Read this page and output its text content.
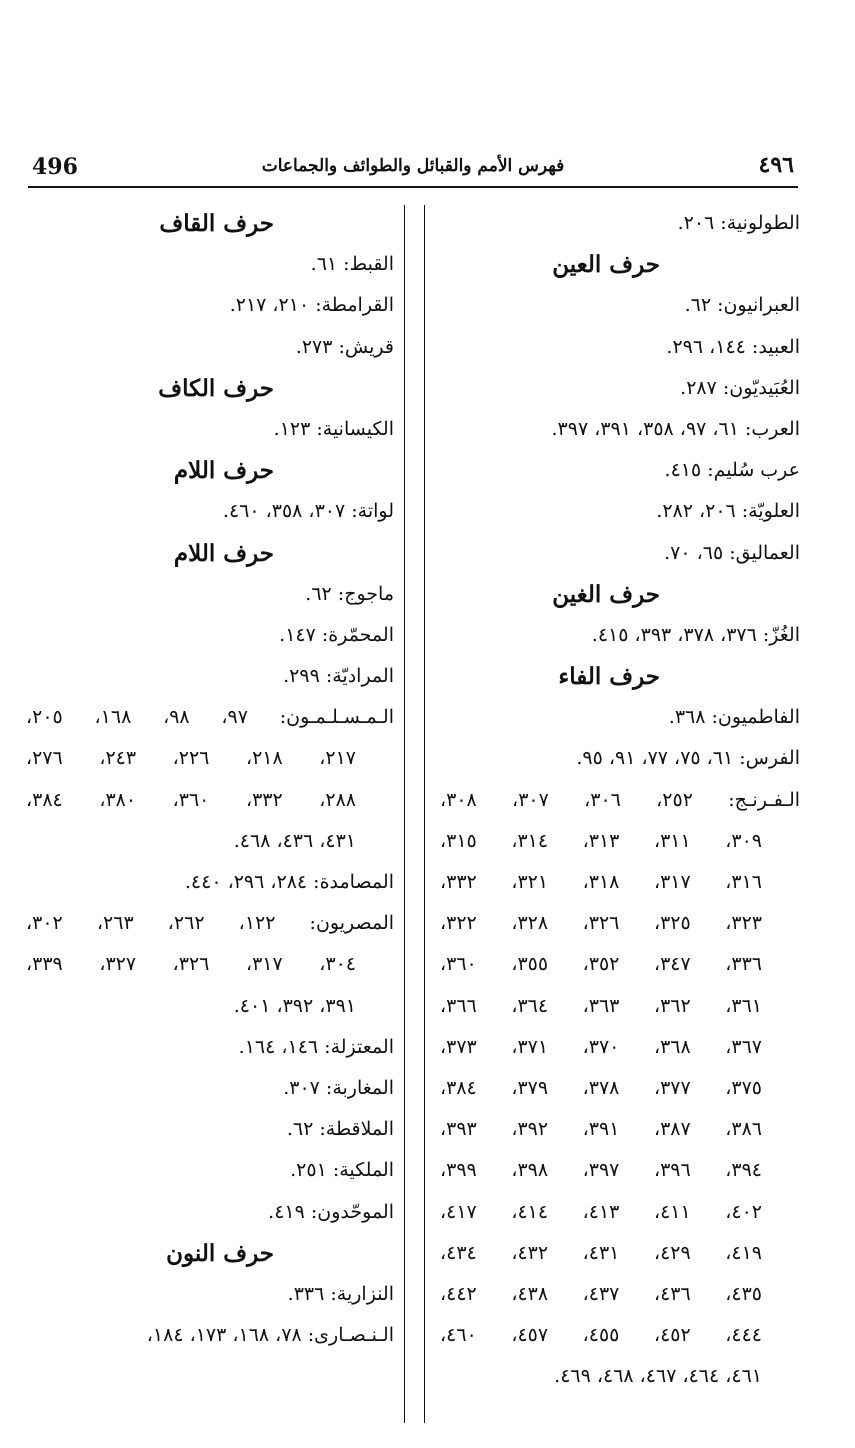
496	فهرس الأمم والقبائل والطوائف والجماعات	٤٩٦
الطولونية: ٢٠٦.
حرف العين
العبرانيون: ٦٢.
العبيد: ١٤٤، ٢٩٦.
العُبَيديّون: ٢٨٧.
العرب: ٦١، ٩٧، ٣٥٨، ٣٩١، ٣٩٧.
عرب سُليم: ٤١٥.
العلويّة: ٢٠٦، ٢٨٢.
العماليق: ٦٥، ٧٠.
حرف الغين
الغُزّ: ٣٧٦، ٣٧٨، ٣٩٣، ٤١٥.
حرف الفاء
الفاطميون: ٣٦٨.
الفرس: ٦١، ٧٥، ٧٧، ٩١، ٩٥.
الـفـرنـج: ٢٥٢، ٣٠٦، ٣٠٧، ٣٠٨،
٣٠٩، ٣١١، ٣١٣، ٣١٤، ٣١٥،
٣١٦، ٣١٧، ٣١٨، ٣٢١، ٣٣٢،
٣٢٣، ٣٢٥، ٣٢٦، ٣٢٨، ٣٢٢،
٣٣٦، ٣٤٧، ٣٥٢، ٣٥٥، ٣٦٠،
٣٦١، ٣٦٢، ٣٦٣، ٣٦٤، ٣٦٦،
٣٦٧، ٣٦٨، ٣٧٠، ٣٧١، ٣٧٣،
٣٧٥، ٣٧٧، ٣٧٨، ٣٧٩، ٣٨٤،
٣٨٦، ٣٨٧، ٣٩١، ٣٩٢، ٣٩٣،
٣٩٤، ٣٩٦، ٣٩٧، ٣٩٨، ٣٩٩،
٤٠٢، ٤١١، ٤١٣، ٤١٤، ٤١٧،
٤١٩، ٤٢٩، ٤٣١، ٤٣٢، ٤٣٤،
٤٣٥، ٤٣٦، ٤٣٧، ٤٣٨، ٤٤٢،
٤٤٤، ٤٥٢، ٤٥٥، ٤٥٧، ٤٦٠،
٤٦١، ٤٦٤، ٤٦٧، ٤٦٨، ٤٦٩.
حرف القاف
القبط: ٦١.
القرامطة: ٢١٠، ٢١٧.
قريش: ٢٧٣.
حرف الكاف
الكيسانية: ١٢٣.
حرف اللام
لواتة: ٣٠٧، ٣٥٨، ٤٦٠.
حرف اللام
ماجوج: ٦٢.
المحمّرة: ١٤٧.
المراديّة: ٢٩٩.
الـمـسـلـمـون: ٩٧، ٩٨، ١٦٨، ٢٠٥،
٢١٧، ٢١٨، ٢٢٦، ٢٤٣، ٢٧٦،
٢٨٨، ٣٣٢، ٣٦٠، ٣٨٠، ٣٨٤،
٤٣١، ٤٣٦، ٤٦٨.
المصامدة: ٢٨٤، ٢٩٦، ٤٤٠.
المصريون: ١٢٢، ٢٦٢، ٢٦٣، ٣٠٢،
٣٠٤، ٣١٧، ٣٢٦، ٣٢٧، ٣٣٩،
٣٩١، ٣٩٢، ٤٠١.
المعتزلة: ١٤٦، ١٦٤.
المغاربة: ٣٠٧.
الملاقطة: ٦٢.
الملكية: ٢٥١.
الموحّدون: ٤١٩.
حرف النون
النزارية: ٣٣٦.
الـنـصـارى: ٧٨، ١٦٨، ١٧٣، ١٨٤،
